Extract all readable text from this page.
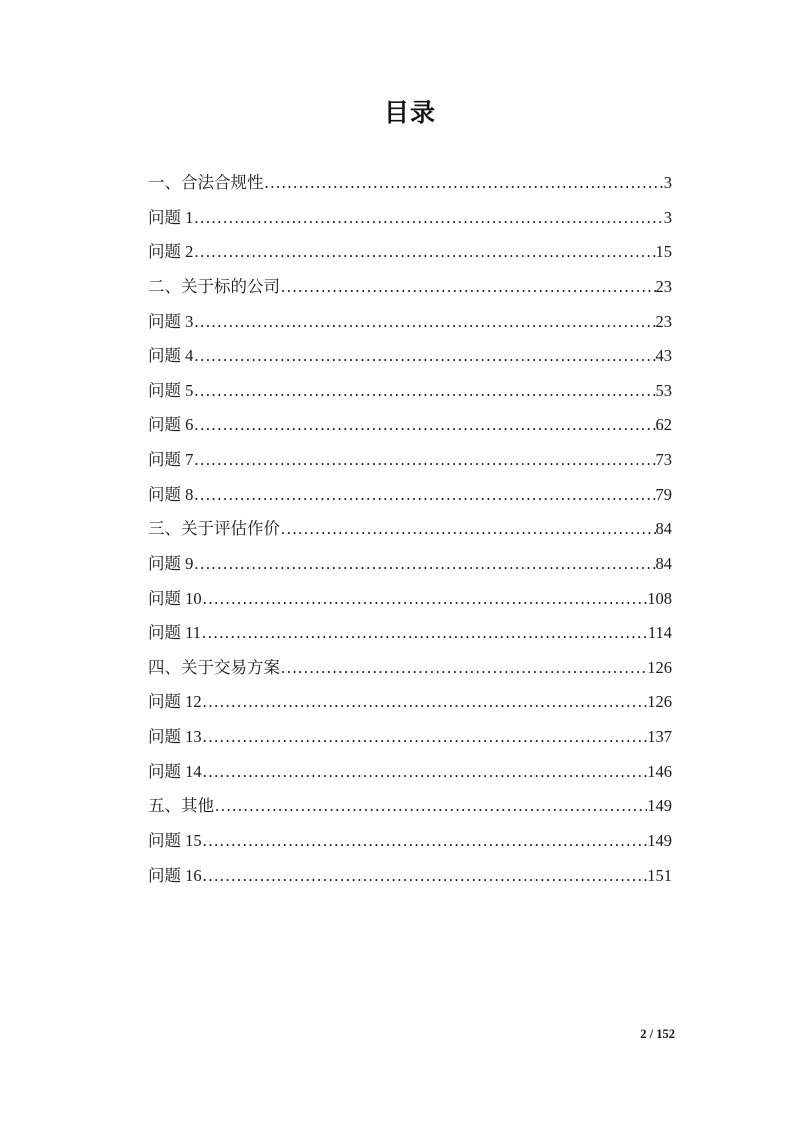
目录
一、合法合规性 .....	3
问题 1 .....	3
问题 2 .....	15
二、关于标的公司 .....	23
问题 3 .....	23
问题 4 .....	43
问题 5 .....	53
问题 6 .....	62
问题 7 .....	73
问题 8 .....	79
三、关于评估作价 .....	84
问题 9 .....	84
问题 10 .....	108
问题 11 .....	114
四、关于交易方案 .....	126
问题 12 .....	126
问题 13 .....	137
问题 14 .....	146
五、其他 .....	149
问题 15 .....	149
问题 16 .....	151
2 / 152
